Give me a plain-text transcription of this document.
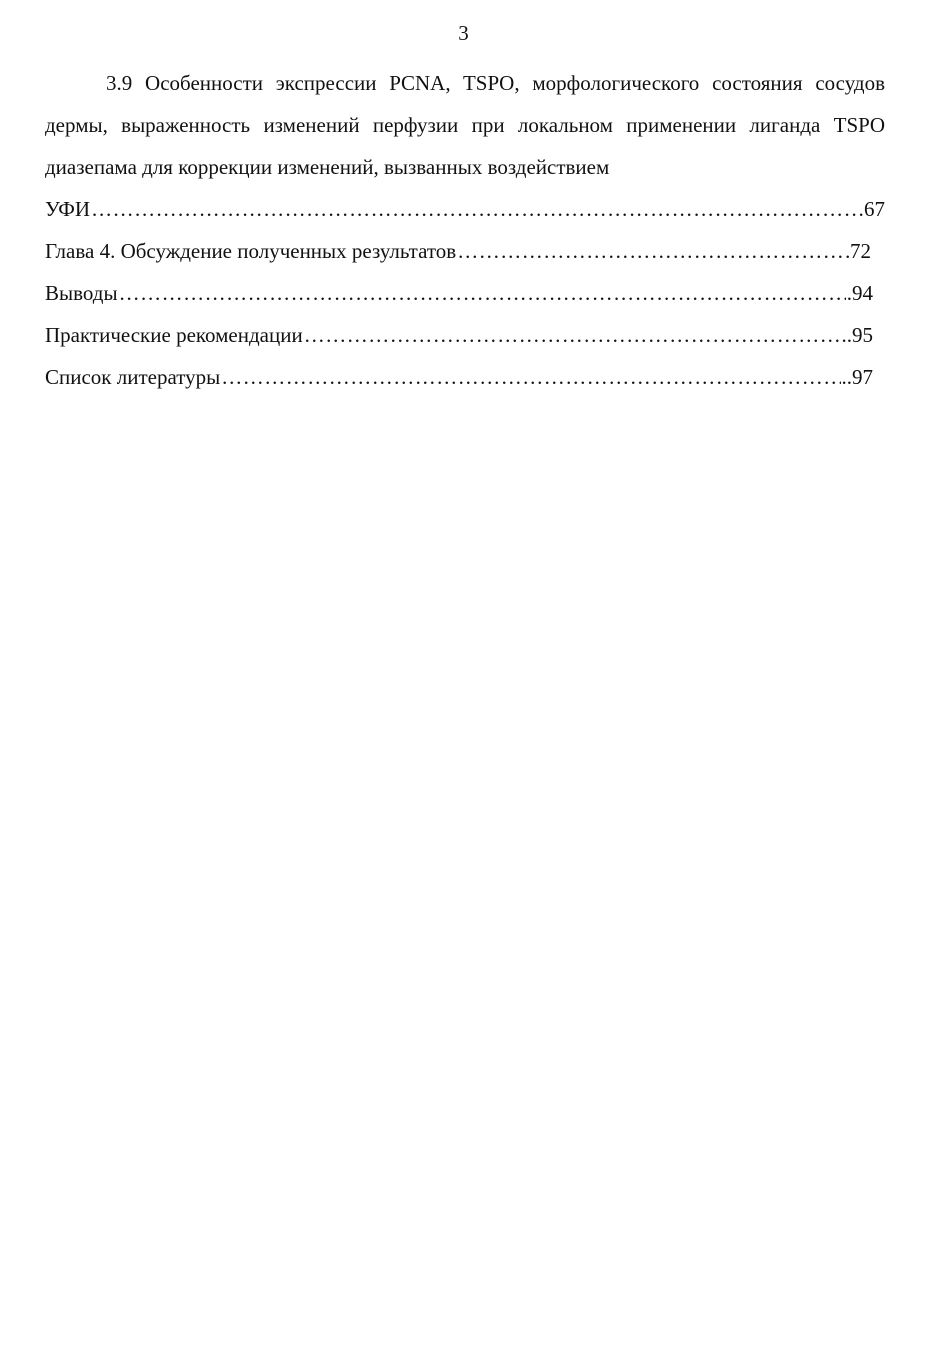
3

3.9 Особенности экспрессии PCNA, TSPO, морфологического состояния сосудов дермы, выраженность изменений перфузии при локальном применении лиганда TSPO диазепама для коррекции изменений, вызванных воздействием

УФИ …………………………………………………………………………………………………………………………………………	67
Глава 4. Обсуждение полученных результатов …………………………………………………………………………………………………………………………………………	72
Выводы …………………………………………………………………………………………………………………………………………	.94
Практические рекомендации …………………………………………………………………………………………………………………………………………	..95
Список литературы …………………………………………………………………………………………………………………………………………	..97
